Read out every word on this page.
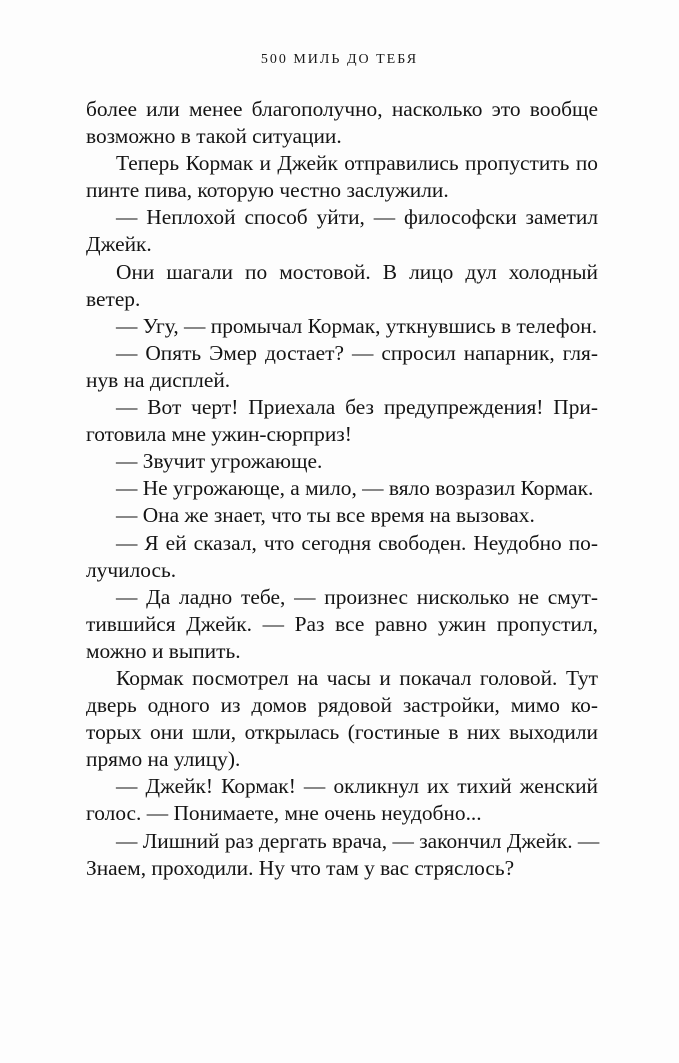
500 МИЛЬ ДО ТЕБЯ
более или менее благополучно, насколько это вообще
возможно в такой ситуации.
Теперь Кормак и Джейк отправились пропустить по
пинте пива, которую честно заслужили.
— Неплохой способ уйти, — философски заметил
Джейк.
Они шагали по мостовой. В лицо дул холодный
ветер.
— Угу, — промычал Кормак, уткнувшись в телефон.
— Опять Эмер достает? — спросил напарник, гля-
нув на дисплей.
— Вот черт! Приехала без предупреждения! При-
готовила мне ужин-сюрприз!
— Звучит угрожающе.
— Не угрожающе, а мило, — вяло возразил Кормак.
— Она же знает, что ты все время на вызовах.
— Я ей сказал, что сегодня свободен. Неудобно по-
лучилось.
— Да ладно тебе, — произнес нисколько не смут-
тившийся Джейк. — Раз все равно ужин пропустил,
можно и выпить.
Кормак посмотрел на часы и покачал головой. Тут
дверь одного из домов рядовой застройки, мимо ко-
торых они шли, открылась (гостиные в них выходили
прямо на улицу).
— Джейк! Кормак! — окликнул их тихий женский
голос. — Понимаете, мне очень неудобно...
— Лишний раз дергать врача, — закончил Джейк. —
Знаем, проходили. Ну что там у вас стряслось?
